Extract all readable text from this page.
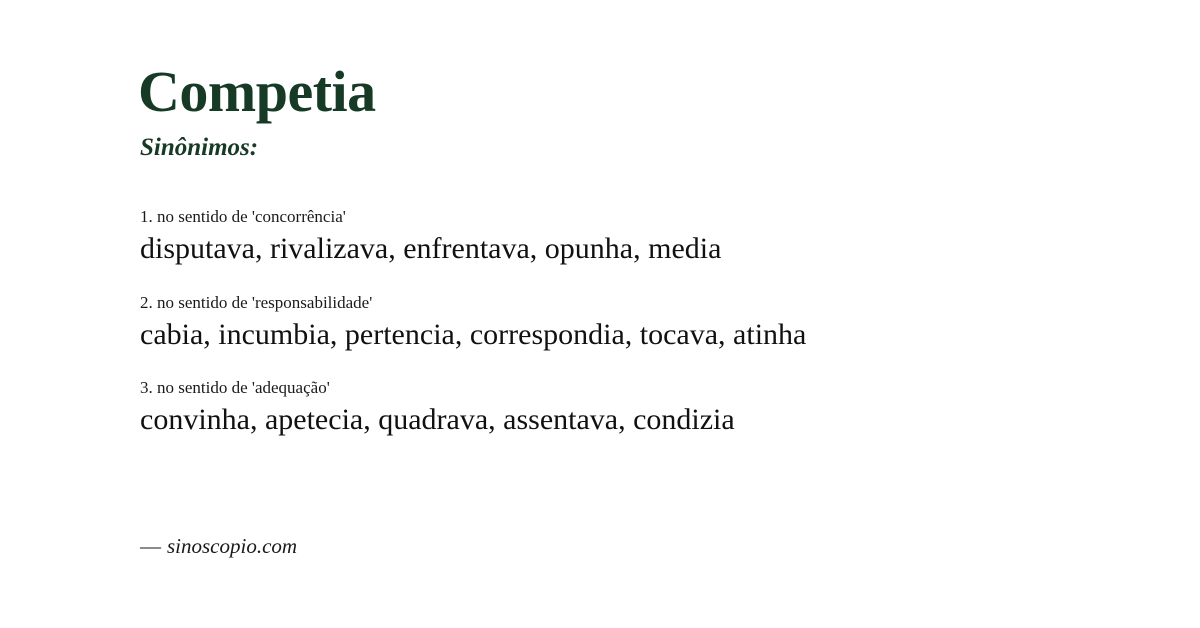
Competia
Sinônimos:
1. no sentido de 'concorrência'
disputava, rivalizava, enfrentava, opunha, media
2. no sentido de 'responsabilidade'
cabia, incumbia, pertencia, correspondia, tocava, atinha
3. no sentido de 'adequação'
convinha, apetecia, quadrava, assentava, condizia
— sinoscopio.com
